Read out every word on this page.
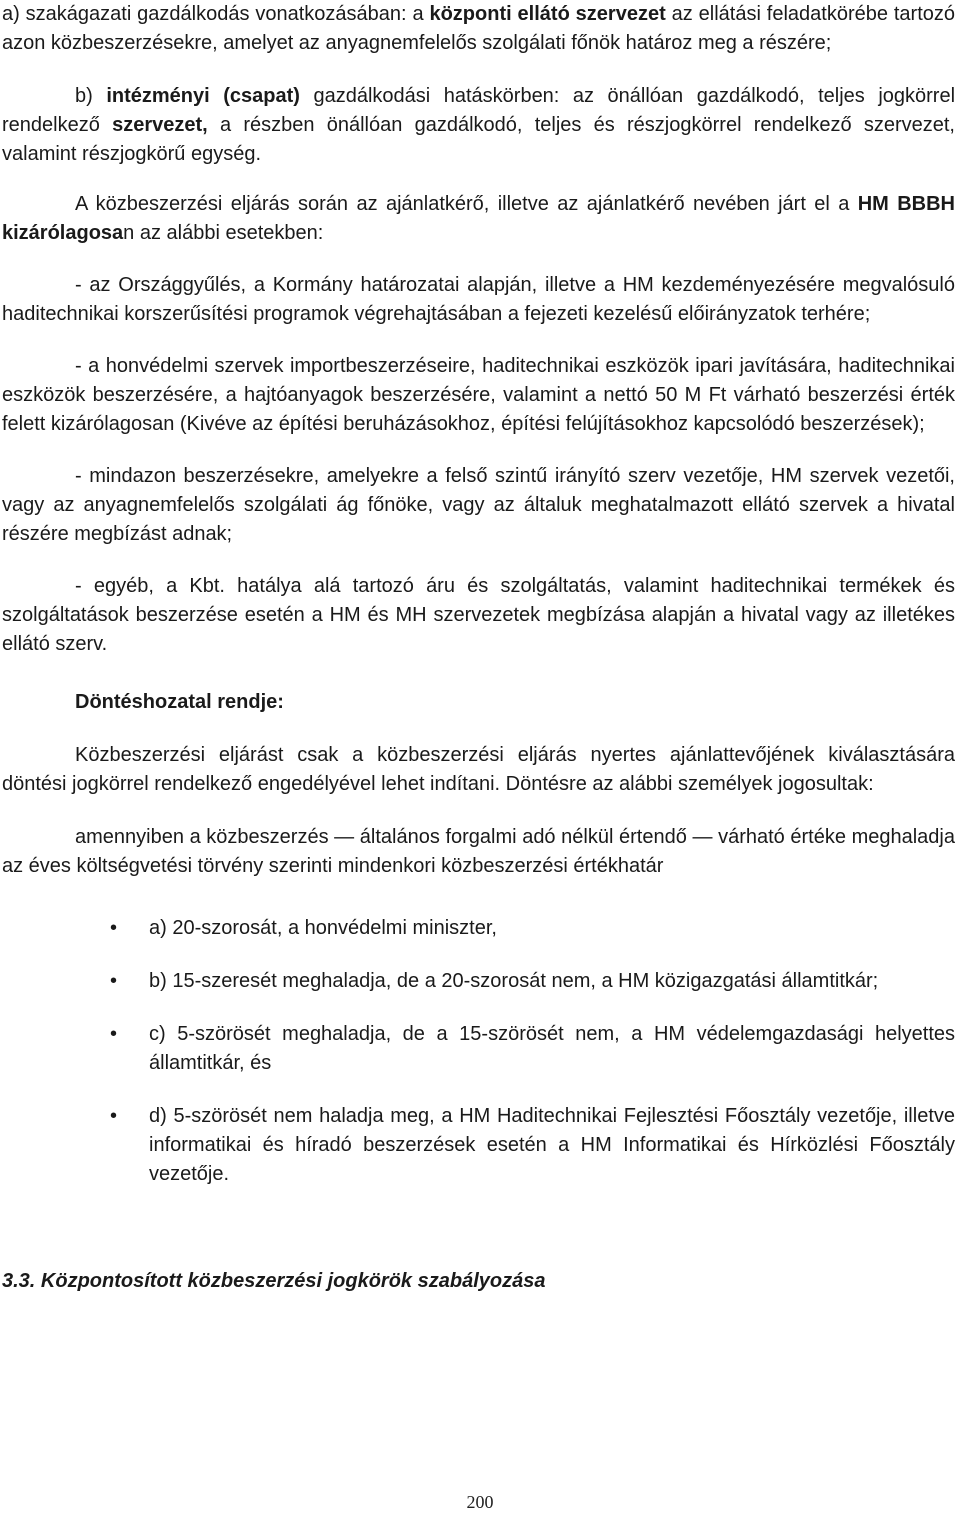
a) szakágazati gazdálkodás vonatkozásában: a központi ellátó szervezet az ellátási feladatkörébe tartozó azon közbeszerzésekre, amelyet az anyagnemfelelős szolgálati főnök határoz meg a részére;

b) intézményi (csapat) gazdálkodási hatáskörben: az önállóan gazdálkodó, teljes jogkörrel rendelkező szervezet, a részben önállóan gazdálkodó, teljes és részjogkörrel rendelkező szervezet, valamint részjogkörű egység.

A közbeszerzési eljárás során az ajánlatkérő, illetve az ajánlatkérő nevében járt el a HM BBBH kizárólagosan az alábbi esetekben:

- az Országgyűlés, a Kormány határozatai alapján, illetve a HM kezdeményezésére megvalósuló haditechnikai korszerűsítési programok végrehajtásában a fejezeti kezelésű előirányzatok terhére;

- a honvédelmi szervek importbeszerzéseire, haditechnikai eszközök ipari javítására, haditechnikai eszközök beszerzésére, a hajtóanyagok beszerzésére, valamint a nettó 50 M Ft várható beszerzési érték felett kizárólagosan (Kivéve az építési beruházásokhoz, építési felújításokhoz kapcsolódó beszerzések);

- mindazon beszerzésekre, amelyekre a felső szintű irányító szerv vezetője, HM szervek vezetői, vagy az anyagnemfelelős szolgálati ág főnöke, vagy az általuk meghatalmazott ellátó szervek a hivatal részére megbízást adnak;

- egyéb, a Kbt. hatálya alá tartozó áru és szolgáltatás, valamint haditechnikai termékek és szolgáltatások beszerzése esetén a HM és MH szervezetek megbízása alapján a hivatal vagy az illetékes ellátó szerv.

Döntéshozatal rendje:

Közbeszerzési eljárást csak a közbeszerzési eljárás nyertes ajánlattevőjének kiválasztására döntési jogkörrel rendelkező engedélyével lehet indítani. Döntésre az alábbi személyek jogosultak:

amennyiben a közbeszerzés — általános forgalmi adó nélkül értendő — várható értéke meghaladja az éves költségvetési törvény szerinti mindenkori közbeszerzési értékhatár

• a) 20-szorosát, a honvédelmi miniszter,
• b) 15-szeresét meghaladja, de a 20-szorosát nem, a HM közigazgatási államtitkár;
• c) 5-szörösét meghaladja, de a 15-szörösét nem, a HM védelemgazdasági helyettes államtitkár, és
• d) 5-szörösét nem haladja meg, a HM Haditechnikai Fejlesztési Főosztály vezetője, illetve informatikai és híradó beszerzések esetén a HM Informatikai és Hírközlési Főosztály vezetője.

3.3. Központosított közbeszerzési jogkörök szabályozása

200
